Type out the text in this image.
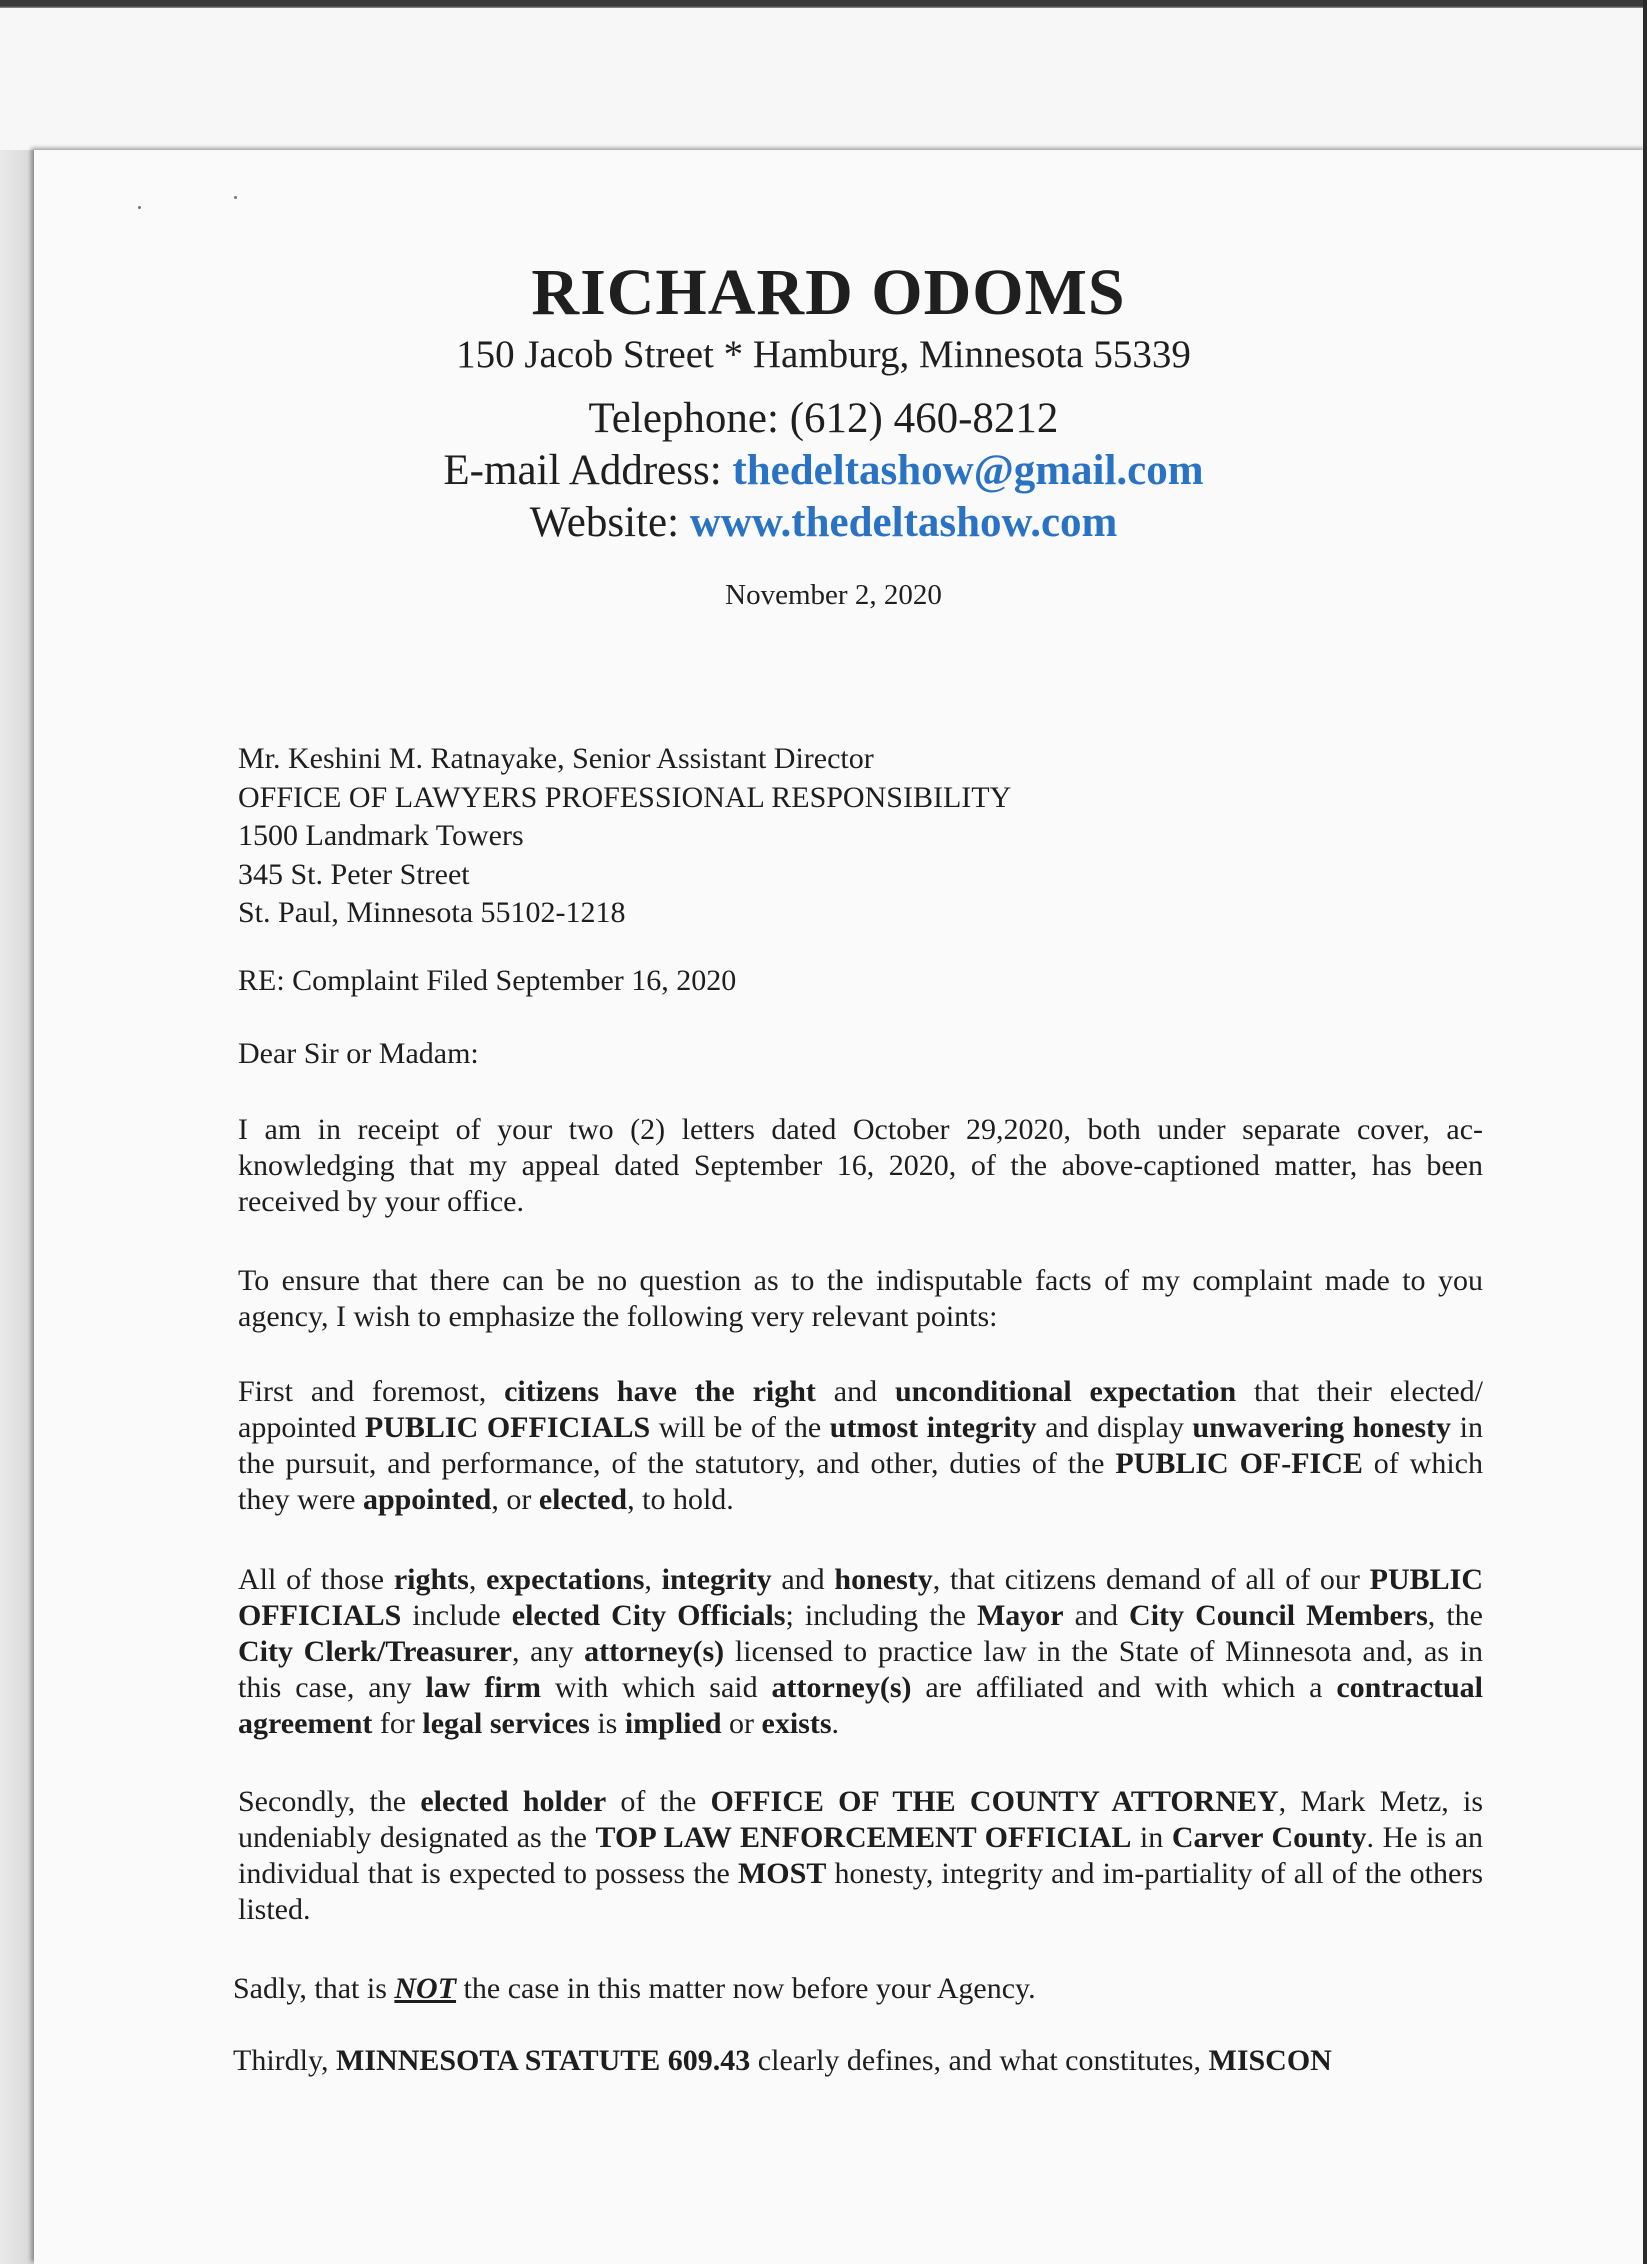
RICHARD ODOMS
150 Jacob Street * Hamburg, Minnesota 55339
Telephone: (612) 460-8212
E-mail Address: thedeltashow@gmail.com
Website: www.thedeltashow.com
November 2, 2020
Mr. Keshini M. Ratnayake, Senior Assistant Director
OFFICE OF LAWYERS PROFESSIONAL RESPONSIBILITY
1500 Landmark Towers
345 St. Peter Street
St. Paul, Minnesota 55102-1218
RE: Complaint Filed September 16, 2020
Dear Sir or Madam:
I am in receipt of your two (2) letters dated October 29,2020, both under separate cover, ac-knowledging that my appeal dated September 16, 2020, of the above-captioned matter, has been received by your office.
To ensure that there can be no question as to the indisputable facts of my complaint made to you agency, I wish to emphasize the following very relevant points:
First and foremost, citizens have the right and unconditional expectation that their elected/ appointed PUBLIC OFFICIALS will be of the utmost integrity and display unwavering honesty in the pursuit, and performance, of the statutory, and other, duties of the PUBLIC OF-FICE of which they were appointed, or elected, to hold.
All of those rights, expectations, integrity and honesty, that citizens demand of all of our PUBLIC OFFICIALS include elected City Officials; including the Mayor and City Council Members, the City Clerk/Treasurer, any attorney(s) licensed to practice law in the State of Minnesota and, as in this case, any law firm with which said attorney(s) are affiliated and with which a contractual agreement for legal services is implied or exists.
Secondly, the elected holder of the OFFICE OF THE COUNTY ATTORNEY, Mark Metz, is undeniably designated as the TOP LAW ENFORCEMENT OFFICIAL in Carver County. He is an individual that is expected to possess the MOST honesty, integrity and im-partiality of all of the others listed.
Sadly, that is NOT the case in this matter now before your Agency.
Thirdly, MINNESOTA STATUTE 609.43 clearly defines, and what constitutes, MISCON
